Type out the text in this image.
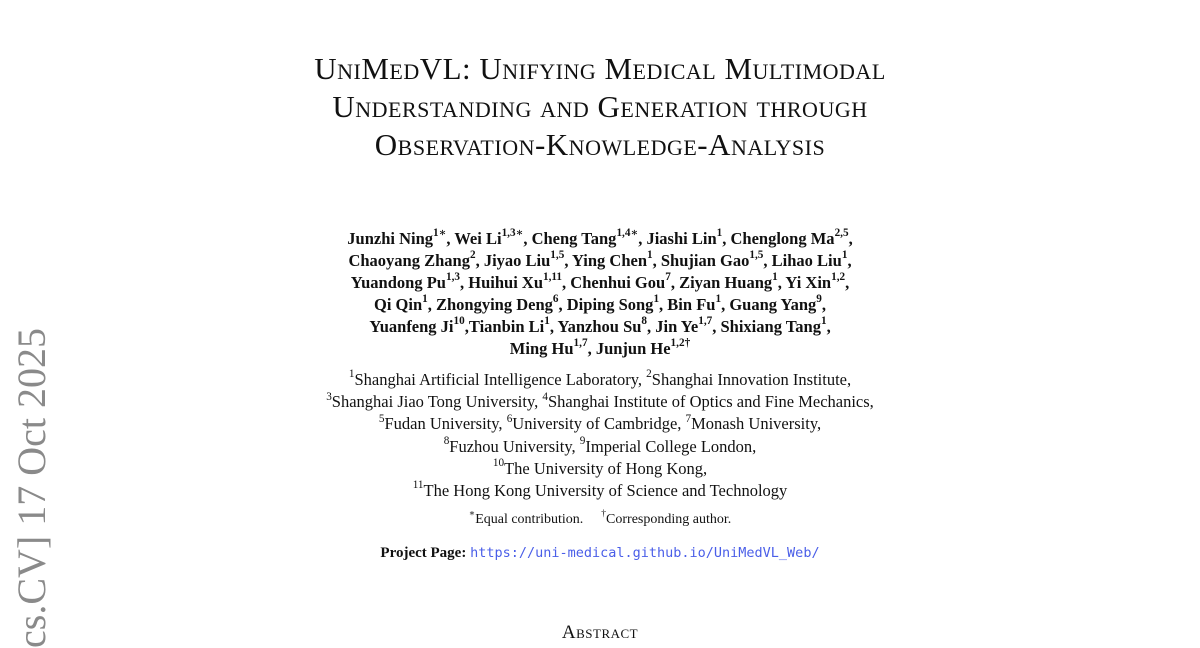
cs.CV] 17 Oct 2025
UniMedVL: Unifying Medical Multimodal
Understanding and Generation through
Observation-Knowledge-Analysis
Junzhi Ning$^{1∗}$, Wei $Li^{1,3∗}$, Cheng Tang$^{1,4∗}$, Jiashi Lin$^1$, Chenglong Ma$^{2,5}$,
Chaoyang Zhang$^2$, Jiyao Liu$^{1,5}$, Ying Chen$^1$, Shujian Gao$^{1,5}$, Lihao Liu$^1$,
Yuandong Pu$^{1,3}$, Huihui Xu$^{1,11}$, Chenhui Gou$^7$, Ziyan Huang$^1$, Yi Xin$^{1,2}$,
Qi Qin$^1$, Zhongying Deng$^6$, Diping Song$^1$, Bin Fu$^1$, Guang Yang$^9$,
Yuanfeng Ji$^{10}$,Tianbin Li$^1$, Yanzhou Su$^8$, Jin Ye$^{1,7}$, Shixiang Tang$^1$,
Ming Hu$^{1,7}$, Junjun $He^{1,2\dagger}$
$^1$Shanghai Artificial Intelligence Laboratory, $^2$Shanghai Innovation Institute,
$^3$Shanghai Jiao Tong University, $^4$Shanghai Institute of Optics and Fine Mechanics,
$^5$Fudan University, $^6$University of Cambridge, $^7$Monash University,
$^8$Fuzhou University, $^9$Imperial College London,
$^{10}$The University of Hong Kong,
$^{11}$The Hong Kong University of Science and Technology
∗Equal contribution. †Corresponding author.
Project Page: https://uni-medical.github.io/UniMedVL_Web/
Abstract
